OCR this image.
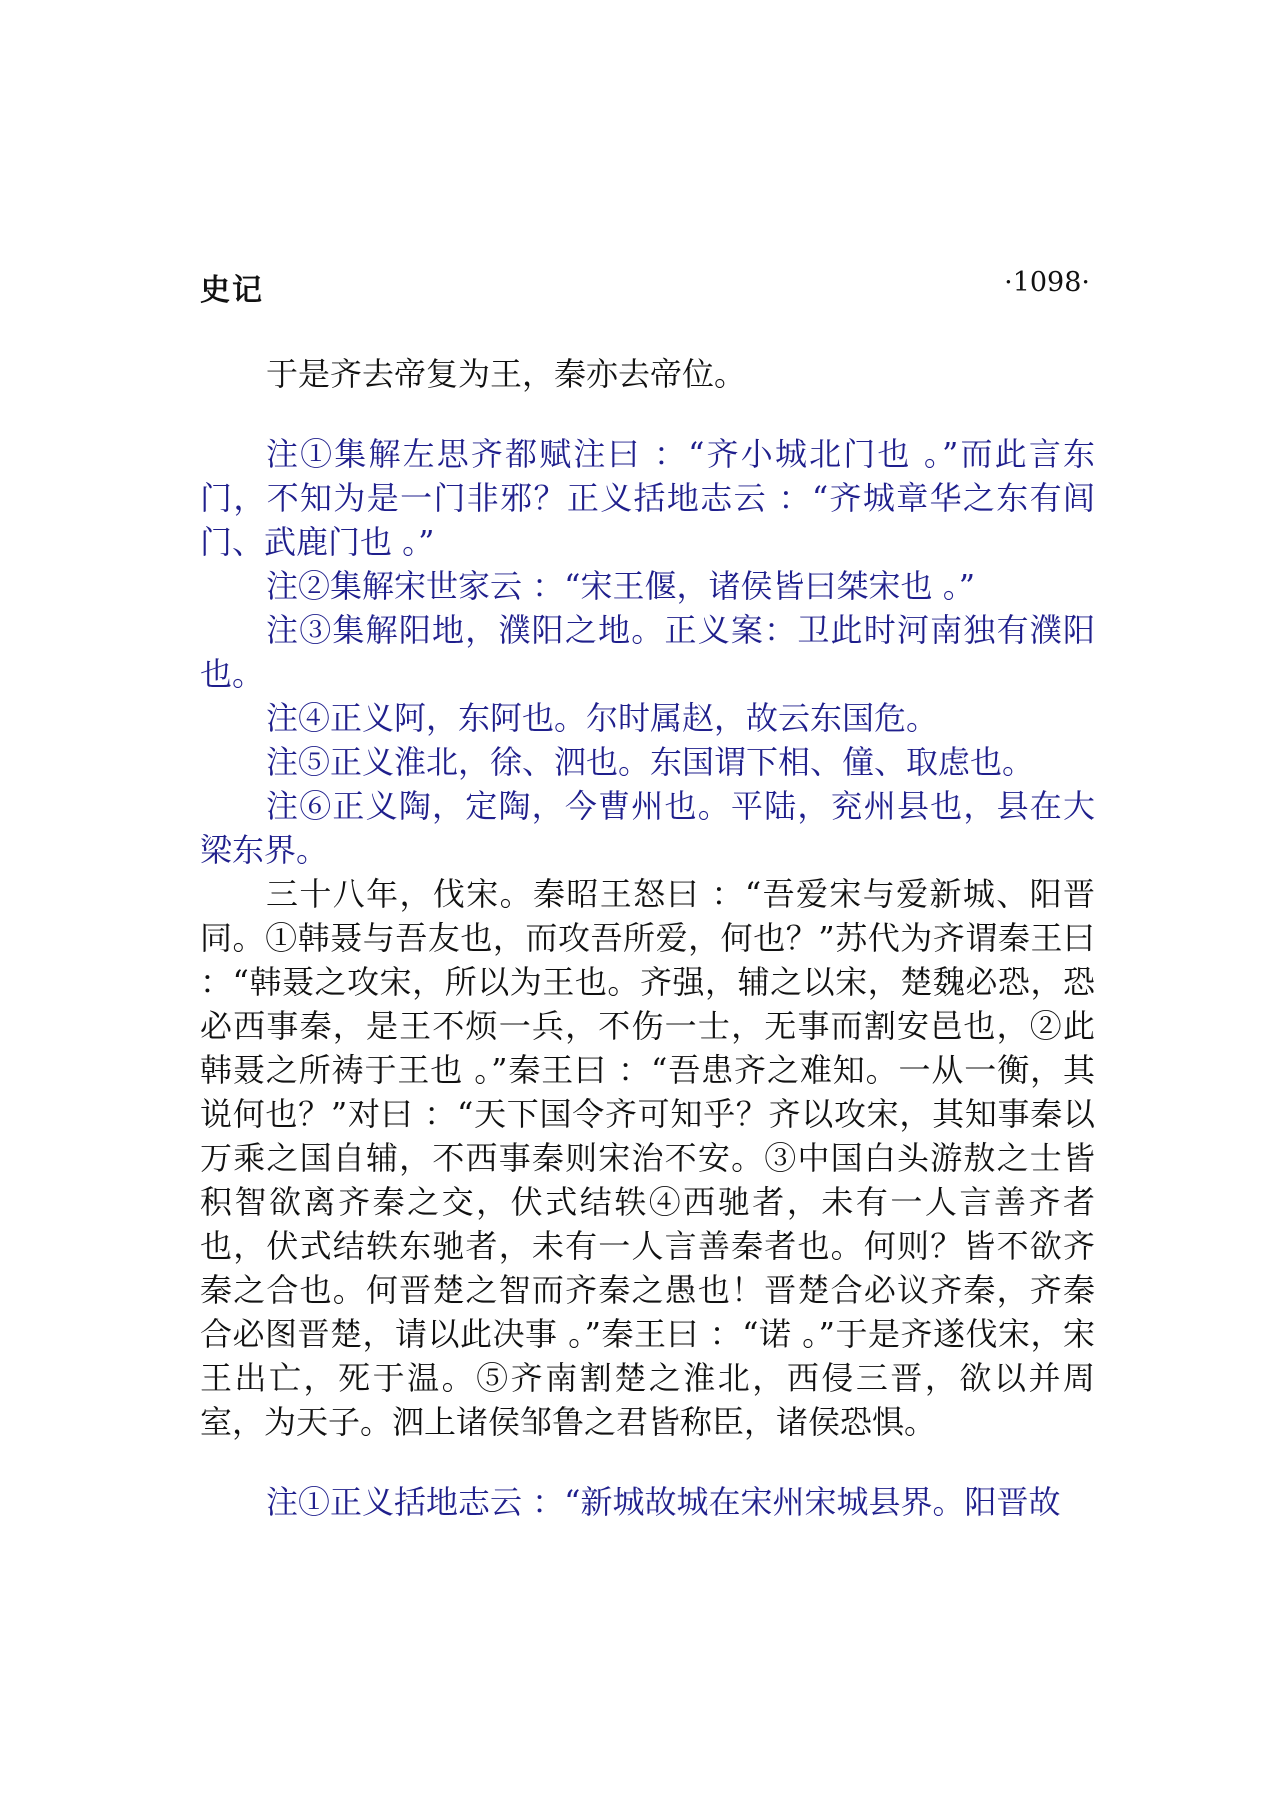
史记	·1098·

于是齐去帝复为王，秦亦去帝位。

注①集解左思齐都赋注曰 ：“齐小城北门也 。”而此言东门，不知为是一门非邪？正义括地志云 ：“齐城章华之东有闾门、武鹿门也 。”

注②集解宋世家云 ：“宋王偃，诸侯皆曰桀宋也 。”

注③集解阳地，濮阳之地。正义案：卫此时河南独有濮阳也。

注④正义阿，东阿也。尔时属赵，故云东国危。

注⑤正义淮北，徐、泗也。东国谓下相、僮、取虑也。

注⑥正义陶，定陶，今曹州也。平陆，兖州县也，县在大梁东界。

三十八年，伐宋。秦昭王怒曰 ：“吾爱宋与爱新城、阳晋同。①韩聂与吾友也，而攻吾所爱，何也？”苏代为齐谓秦王曰 ：“韩聂之攻宋，所以为王也。齐强，辅之以宋，楚魏必恐，恐必西事秦，是王不烦一兵，不伤一士，无事而割安邑也，②此韩聂之所祷于王也 。”秦王曰 ：“吾患齐之难知。一从一衡，其说何也？”对曰 ：“天下国令齐可知乎？齐以攻宋，其知事秦以万乘之国自辅，不西事秦则宋治不安。③中国白头游敖之士皆积智欲离齐秦之交，伏式结轶④西驰者，未有一人言善齐者也，伏式结轶东驰者，未有一人言善秦者也。何则？皆不欲齐秦之合也。何晋楚之智而齐秦之愚也！晋楚合必议齐秦，齐秦合必图晋楚，请以此决事 。”秦王曰 ：“诺 。”于是齐遂伐宋，宋王出亡，死于温。⑤齐南割楚之淮北，西侵三晋，欲以并周室，为天子。泗上诸侯邹鲁之君皆称臣，诸侯恐惧。

注①正义括地志云 ：“新城故城在宋州宋城县界。阳晋故
